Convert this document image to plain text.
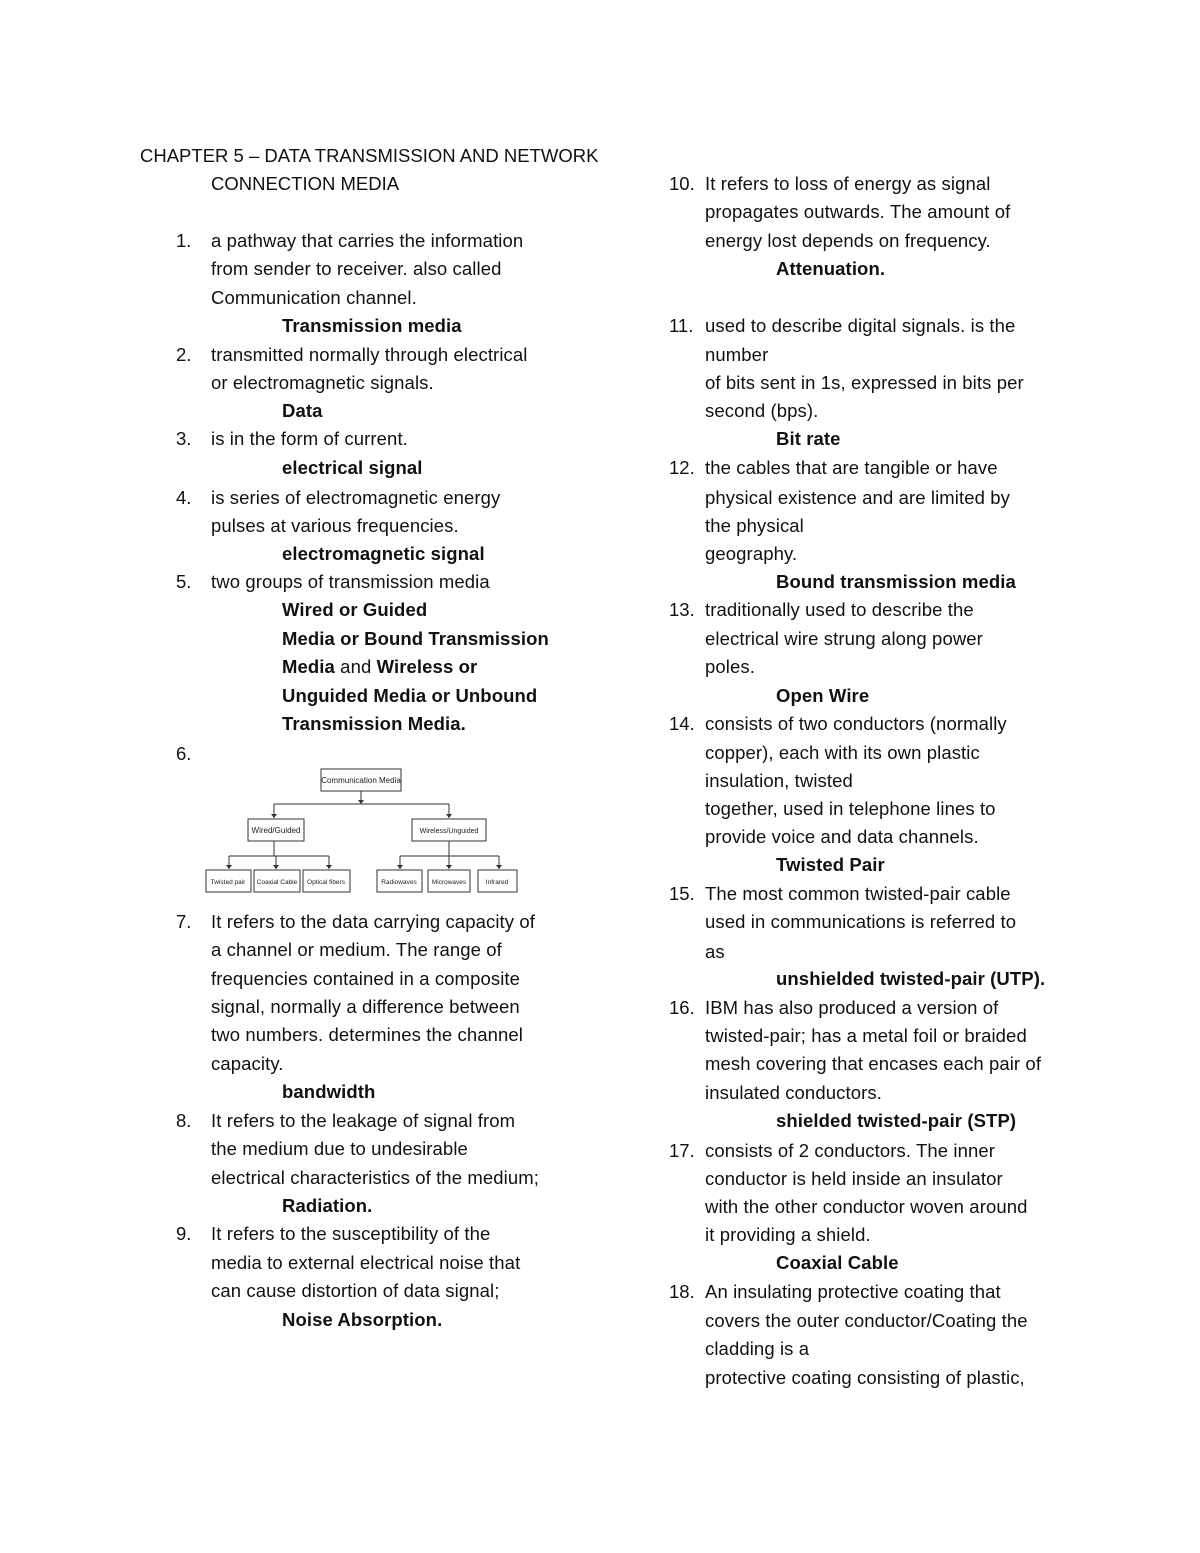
CHAPTER 5 – DATA TRANSMISSION AND NETWORK
CONNECTION MEDIA
1. a pathway that carries the information
from sender to receiver. also called
Communication channel.
Transmission media
2. transmitted normally through electrical
or electromagnetic signals.
Data
3. is in the form of current.
electrical signal
4. is series of electromagnetic energy
pulses at various frequencies.
electromagnetic signal
5. two groups of transmission media
Wired or Guided
Media or Bound Transmission
Media and Wireless or
Unguided Media or Unbound
Transmission Media.
6.
Communication Media
Wired/Guided	Wireless/Unguided
Twisted pair Coaxial Cable Optical fibers	Radiowaves Microwaves	Infrared
7. It refers to the data carrying capacity of
a channel or medium. The range of
frequencies contained in a composite
signal, normally a difference between
two numbers. determines the channel
capacity.
bandwidth
8. It refers to the leakage of signal from
the medium due to undesirable
electrical characteristics of the medium;
Radiation.
9. It refers to the susceptibility of the
media to external electrical noise that
can cause distortion of data signal;
Noise Absorption.
10. It refers to loss of energy as signal
propagates outwards. The amount of
energy lost depends on frequency.
Attenuation.
11. used to describe digital signals. is the
number
of bits sent in 1s, expressed in bits per
second (bps).
Bit rate
12. the cables that are tangible or have
physical existence and are limited by
the physical
geography.
Bound transmission media
13. traditionally used to describe the
electrical wire strung along power
poles.
Open Wire
14. consists of two conductors (normally
copper), each with its own plastic
insulation, twisted
together, used in telephone lines to
provide voice and data channels.
Twisted Pair
15. The most common twisted-pair cable
used in communications is referred to
as
unshielded twisted-pair (UTP).
16. IBM has also produced a version of
twisted-pair; has a metal foil or braided
mesh covering that encases each pair of
insulated conductors.
shielded twisted-pair (STP)
17. consists of 2 conductors. The inner
conductor is held inside an insulator
with the other conductor woven around
it providing a shield.
Coaxial Cable
18. An insulating protective coating that
covers the outer conductor/Coating the
cladding is a
protective coating consisting of plastic,
